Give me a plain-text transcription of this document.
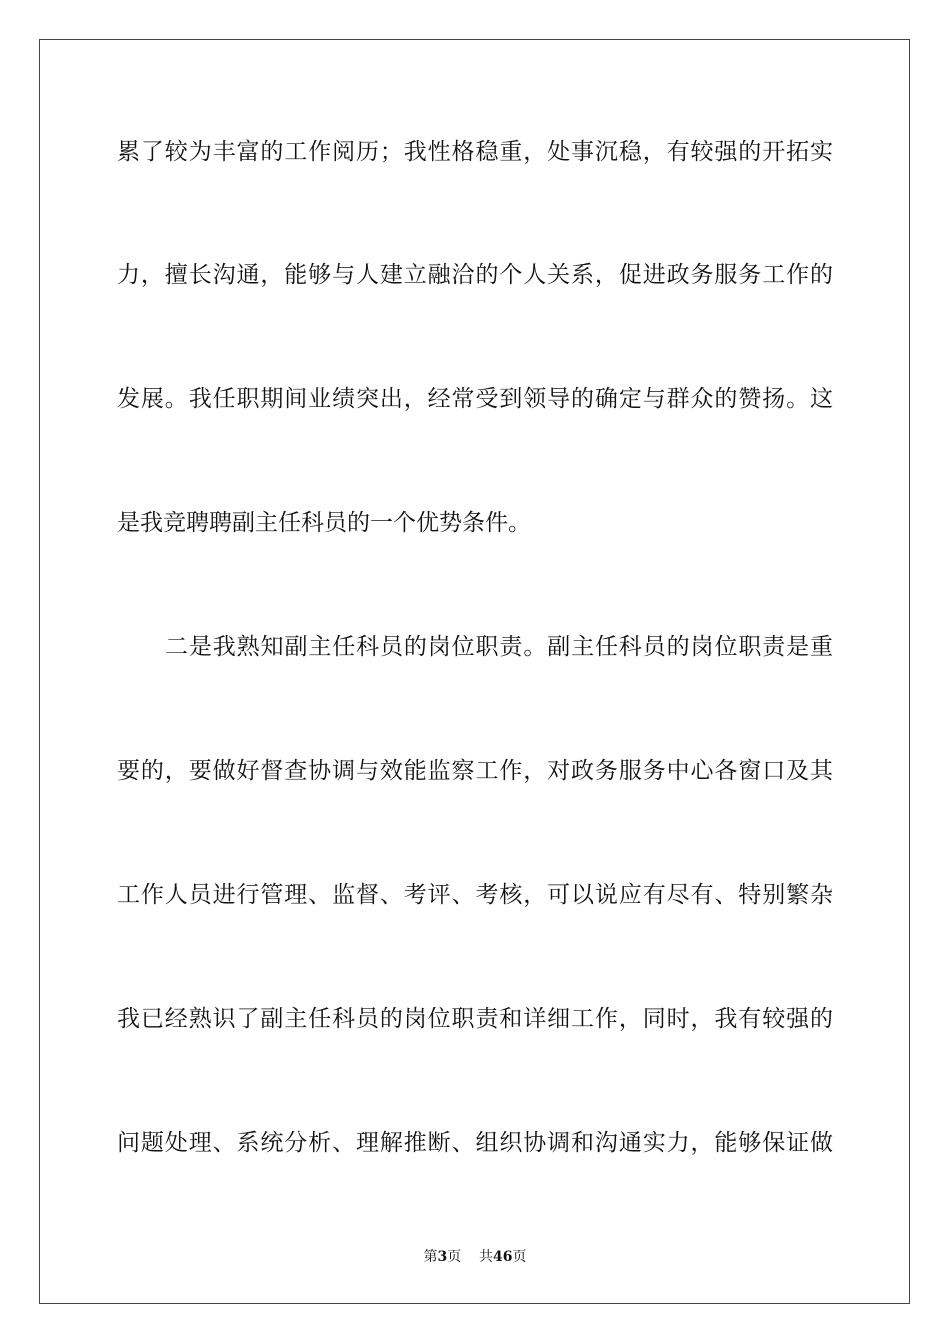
累了较为丰富的工作阅历；我性格稳重，处事沉稳，有较强的开拓实
力，擅长沟通，能够与人建立融洽的个人关系，促进政务服务工作的
发展。我任职期间业绩突出，经常受到领导的确定与群众的赞扬。这
是我竞聘聘副主任科员的一个优势条件。
二是我熟知副主任科员的岗位职责。副主任科员的岗位职责是重
要的，要做好督查协调与效能监察工作，对政务服务中心各窗口及其
工作人员进行管理、监督、考评、考核，可以说应有尽有、特别繁杂
我已经熟识了副主任科员的岗位职责和详细工作，同时，我有较强的
问题处理、系统分析、理解推断、组织协调和沟通实力，能够保证做
第3页 共46页
